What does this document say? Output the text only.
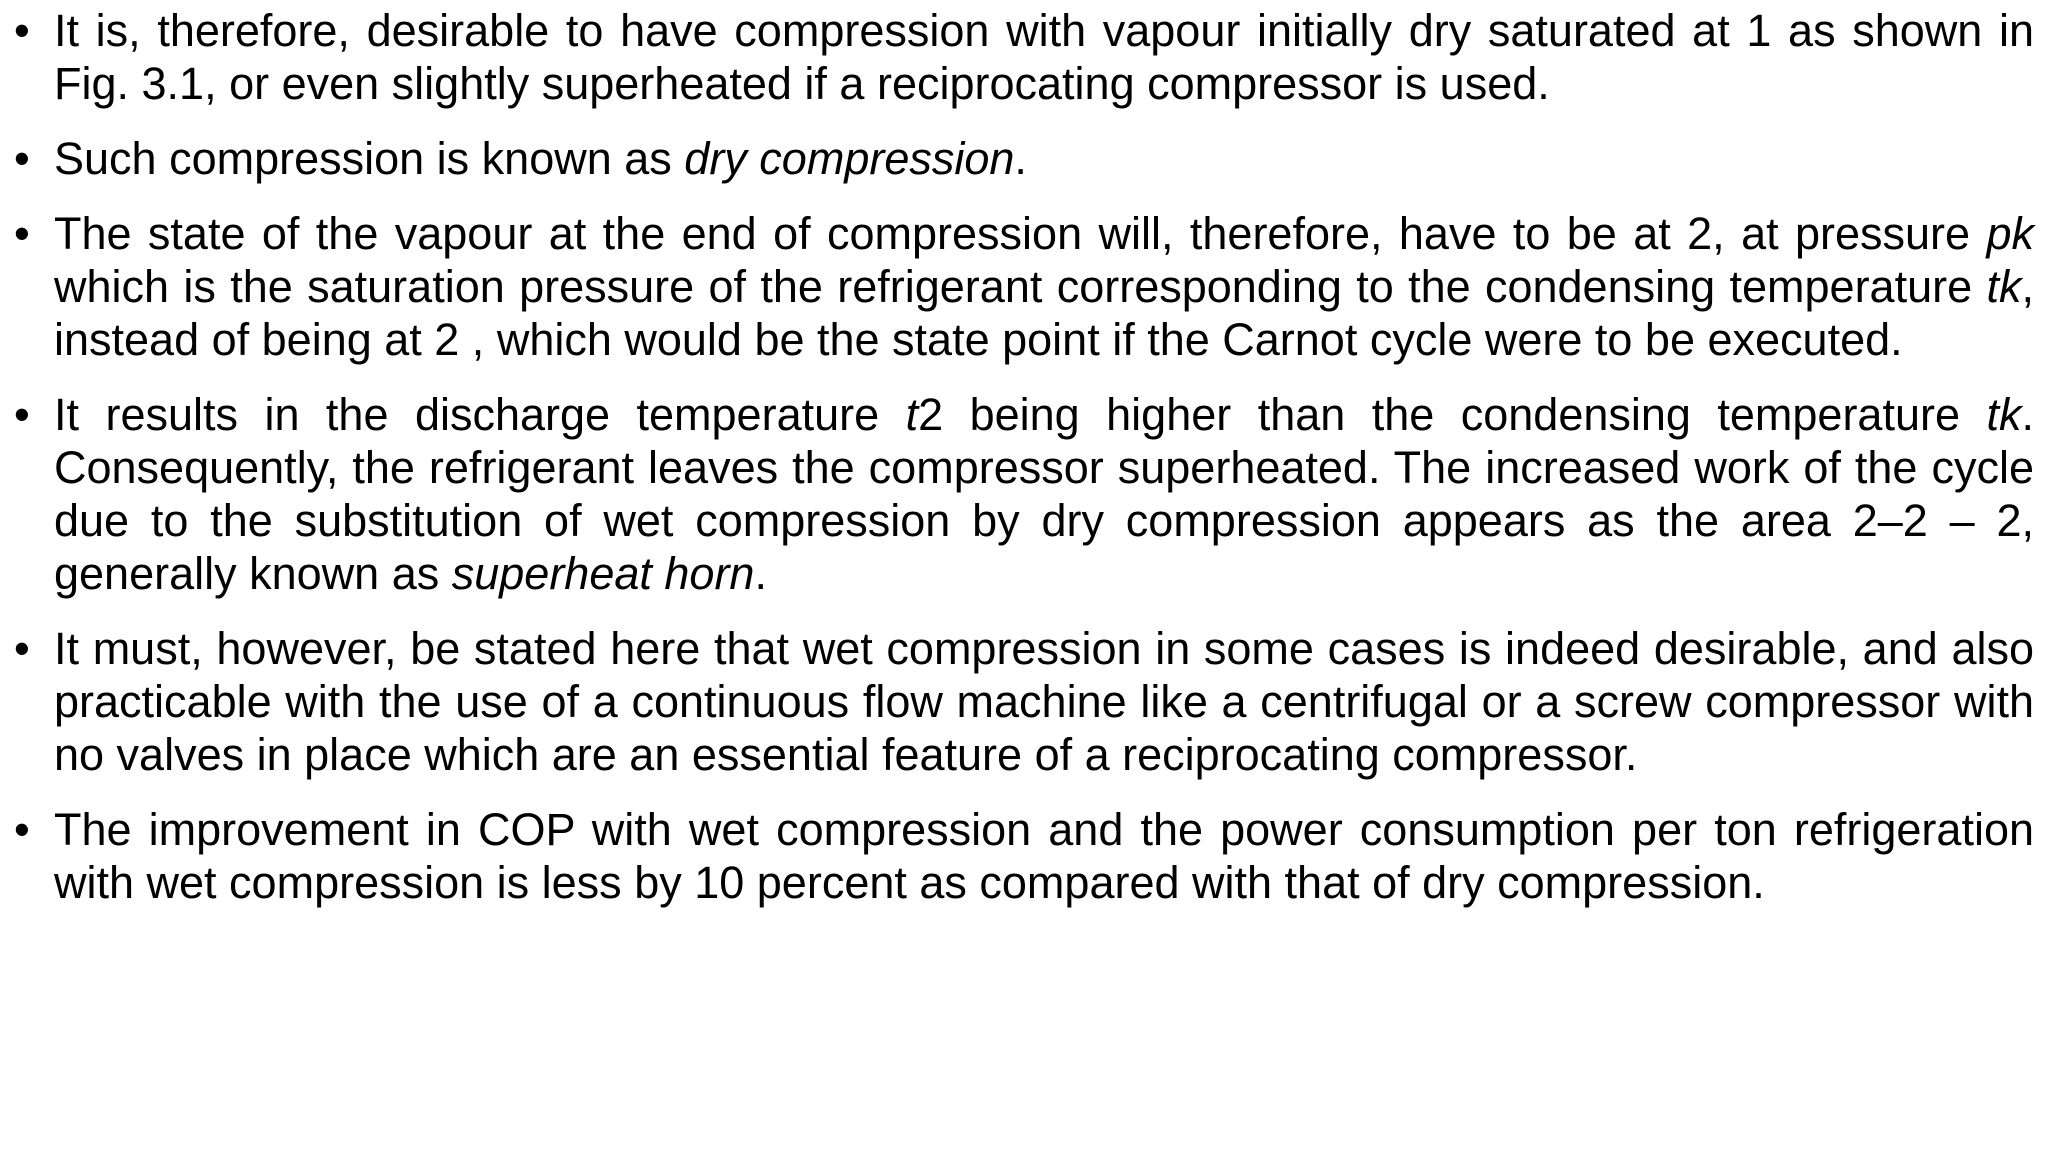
• It is, therefore, desirable to have compression with vapour initially dry saturated at 1 as shown in Fig. 3.1, or even slightly superheated if a reciprocating compressor is used.
• Such compression is known as dry compression.
• The state of the vapour at the end of compression will, therefore, have to be at 2, at pressure pk which is the saturation pressure of the refrigerant corresponding to the condensing temperature tk, instead of being at 2 , which would be the state point if the Carnot cycle were to be executed.
• It results in the discharge temperature t2 being higher than the condensing temperature tk. Consequently, the refrigerant leaves the compressor superheated. The increased work of the cycle due to the substitution of wet compression by dry compression appears as the area 2–2 – 2, generally known as superheat horn.
• It must, however, be stated here that wet compression in some cases is indeed desirable, and also practicable with the use of a continuous flow machine like a centrifugal or a screw compressor with no valves in place which are an essential feature of a reciprocating compressor.
• The improvement in COP with wet compression and the power consumption per ton refrigeration with wet compression is less by 10 percent as compared with that of dry compression.
